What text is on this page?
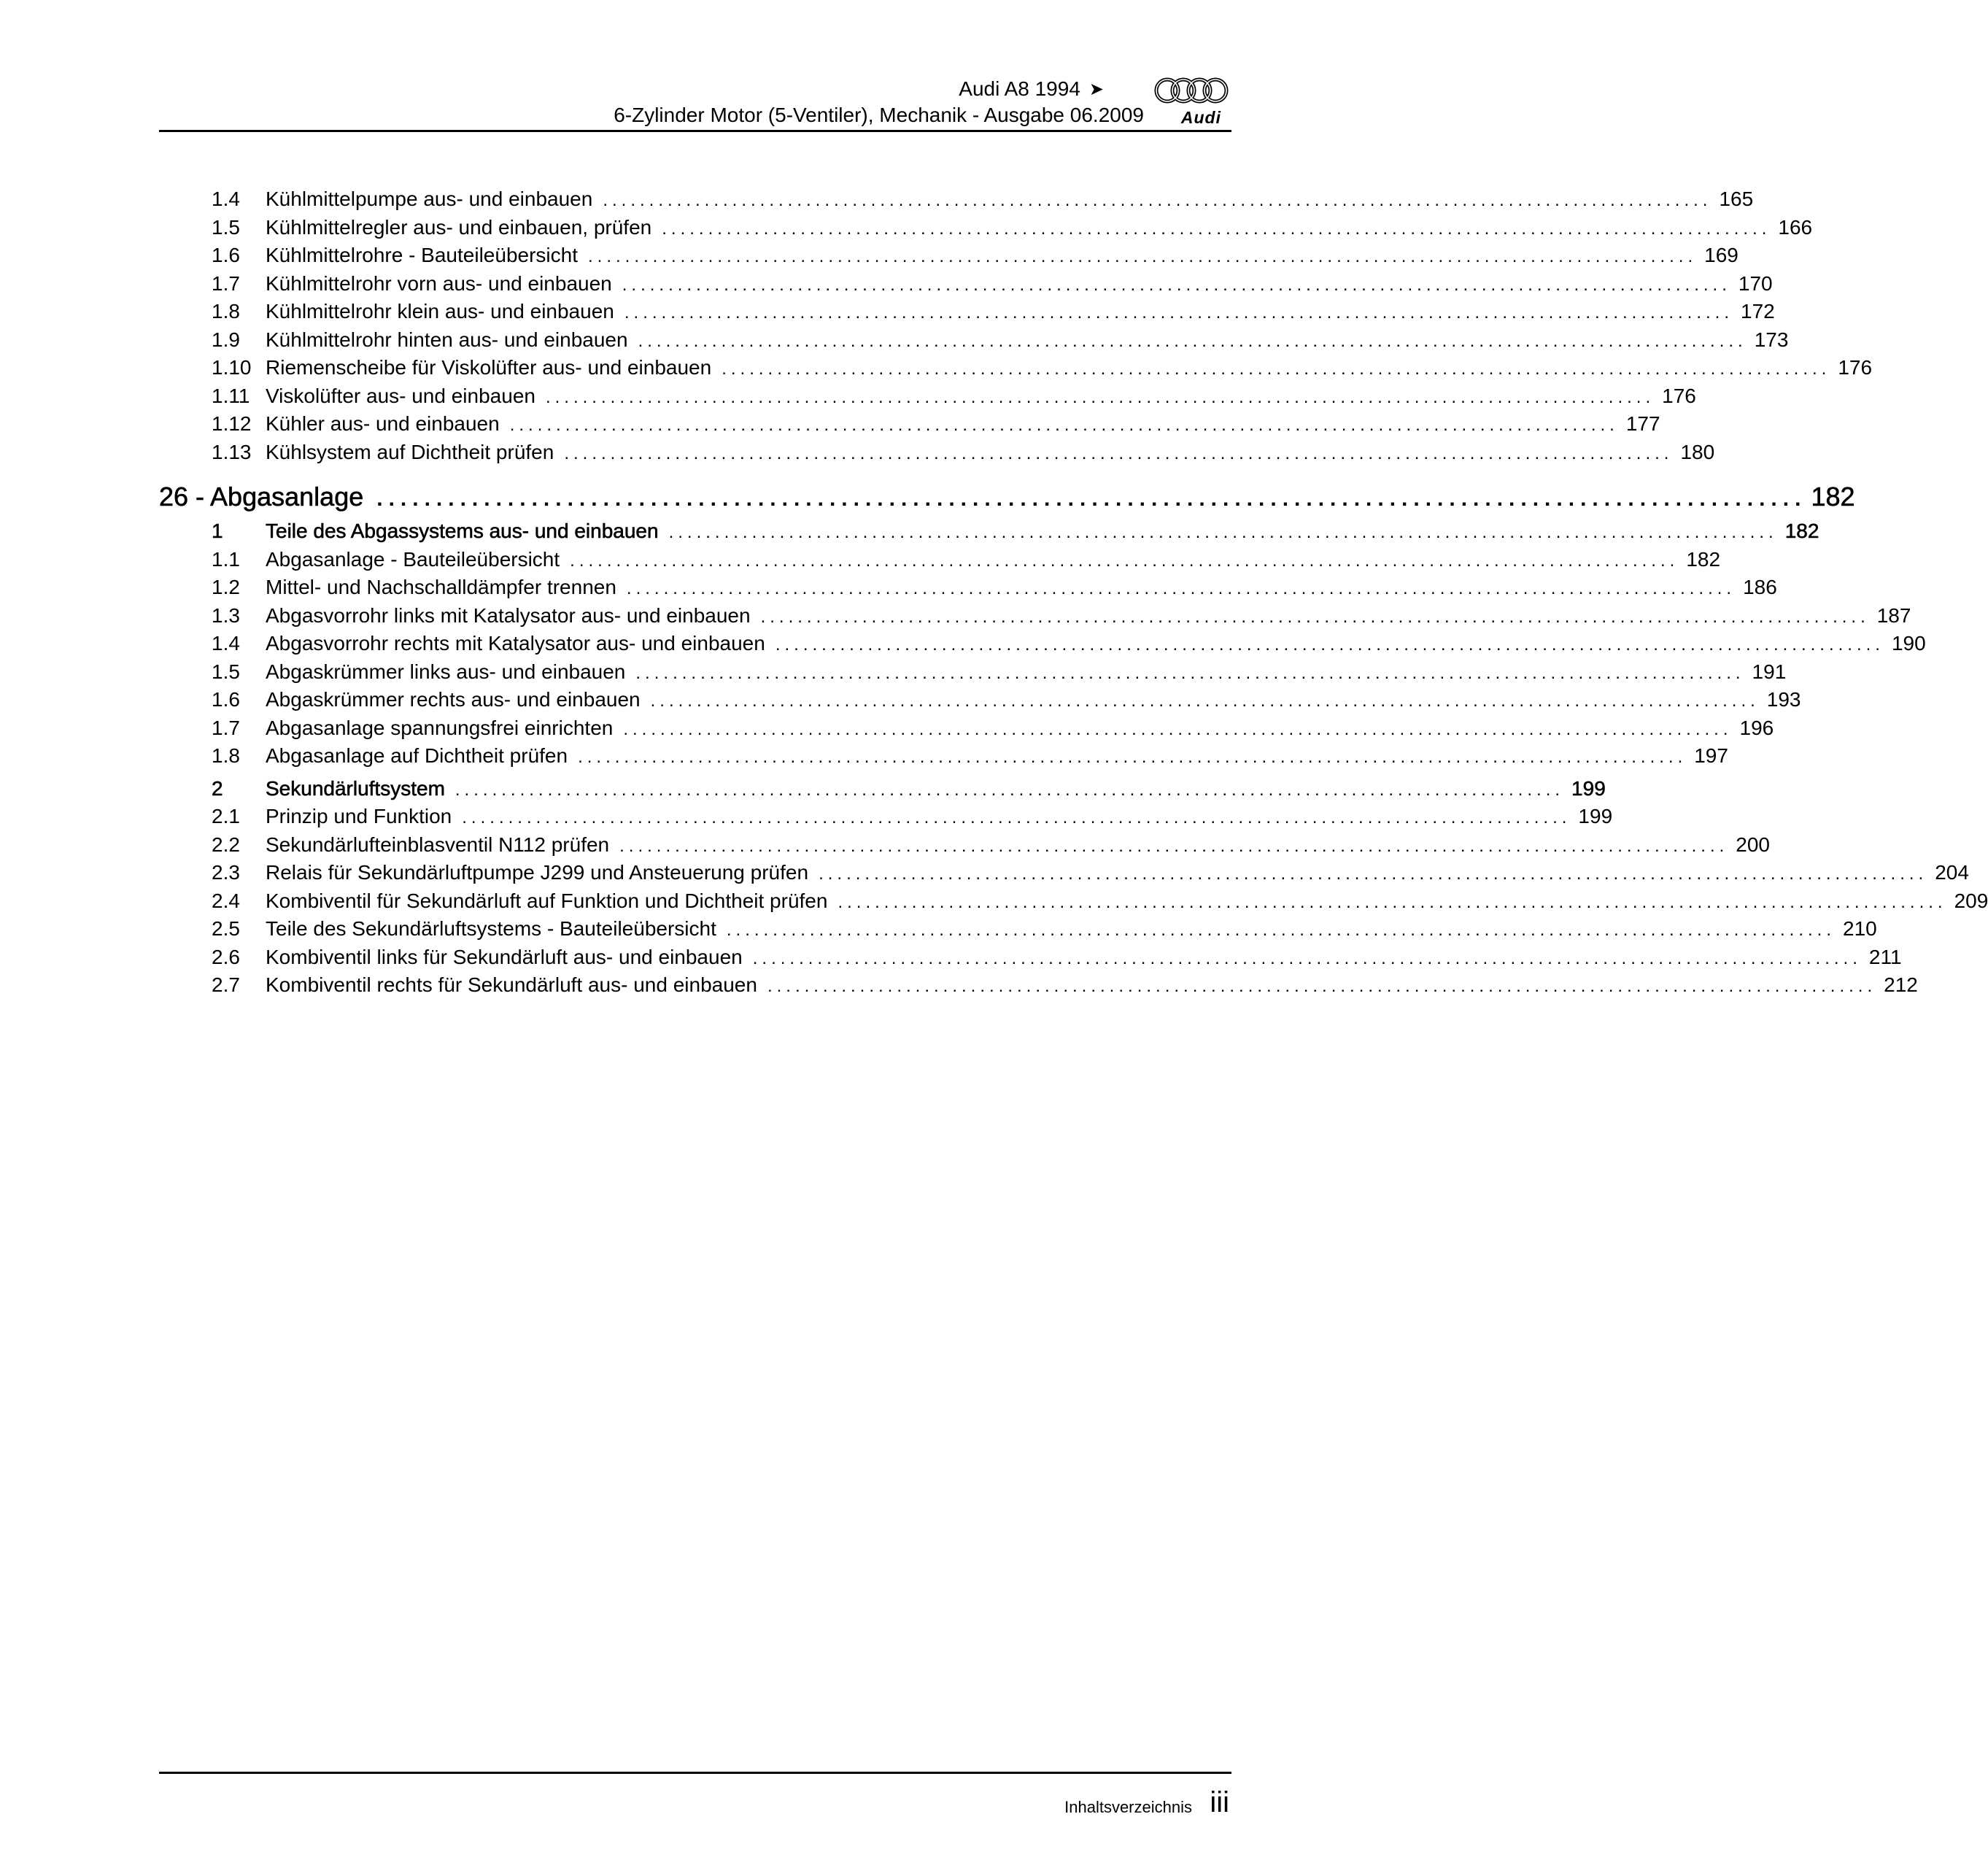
Audi A8 1994 ➤
6-Zylinder Motor (5-Ventiler), Mechanik - Ausgabe 06.2009 Audi
1.4	Kühlmittelpumpe aus- und einbauen ........................................................................................................................ 165
1.5	Kühlmittelregler aus- und einbauen, prüfen ........................................................................................................................ 166
1.6	Kühlmittelrohre - Bauteileübersicht ........................................................................................................................ 169
1.7	Kühlmittelrohr vorn aus- und einbauen ........................................................................................................................ 170
1.8	Kühlmittelrohr klein aus- und einbauen ........................................................................................................................ 172
1.9	Kühlmittelrohr hinten aus- und einbauen ........................................................................................................................ 173
1.10 Riemenscheibe für Viskolüfter aus- und einbauen ........................................................................................................................ 176
1.11 Viskolüfter aus- und einbauen ........................................................................................................................ 176
1.12 Kühler aus- und einbauen ........................................................................................................................ 177
1.13 Kühlsystem auf Dichtheit prüfen ........................................................................................................................ 180
26 - Abgasanlage ........................................................................................................................ 182
1	Teile des Abgassystems aus- und einbauen ........................................................................................................................ 182
1.1	Abgasanlage - Bauteileübersicht ........................................................................................................................ 182
1.2	Mittel- und Nachschalldämpfer trennen ........................................................................................................................ 186
1.3	Abgasvorrohr links mit Katalysator aus- und einbauen ........................................................................................................................ 187
1.4	Abgasvorrohr rechts mit Katalysator aus- und einbauen ........................................................................................................................ 190
1.5	Abgaskrümmer links aus- und einbauen ........................................................................................................................ 191
1.6	Abgaskrümmer rechts aus- und einbauen ........................................................................................................................ 193
1.7	Abgasanlage spannungsfrei einrichten ........................................................................................................................ 196
1.8	Abgasanlage auf Dichtheit prüfen ........................................................................................................................ 197
2	Sekundärluftsystem ........................................................................................................................ 199
2.1	Prinzip und Funktion ........................................................................................................................ 199
2.2	Sekundärlufteinblasventil N112 prüfen ........................................................................................................................ 200
2.3	Relais für Sekundärluftpumpe J299 und Ansteuerung prüfen ........................................................................................................................ 204
2.4	Kombiventil für Sekundärluft auf Funktion und Dichtheit prüfen ........................................................................................................................ 209
2.5	Teile des Sekundärluftsystems - Bauteileübersicht ........................................................................................................................ 210
2.6	Kombiventil links für Sekundärluft aus- und einbauen ........................................................................................................................ 211
2.7	Kombiventil rechts für Sekundärluft aus- und einbauen ........................................................................................................................ 212
Inhaltsverzeichnis iii
